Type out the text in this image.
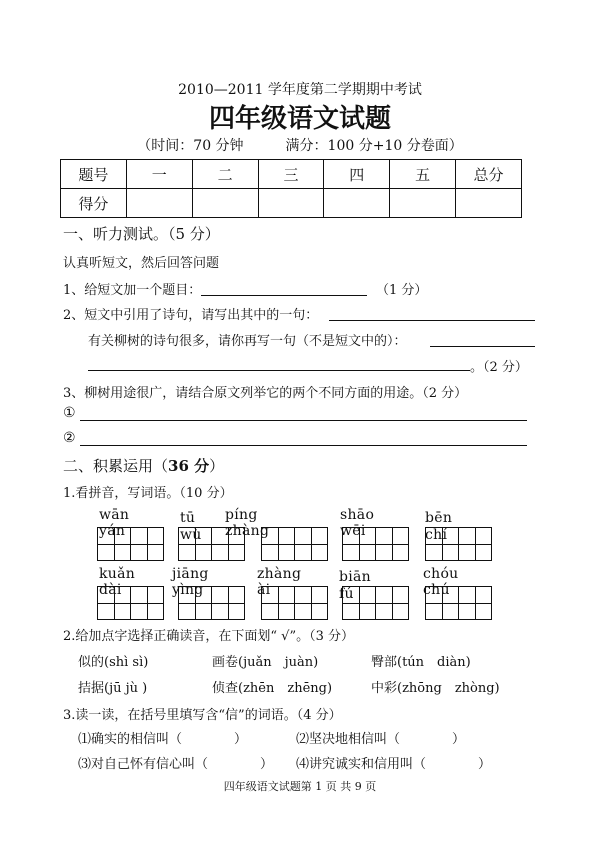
2010—2011 学年度第二学期期中考试
四年级语文试题
（时间：70 分钟　　　满分：100 分+10 分卷面）
题号	一	二	三	四	五	总分
得分						
一、听力测试。（5 分）
认真听短文，然后回答问题
1、给短文加一个题目：	（1 分）
2、短文中引用了诗句，请写出其中的一句：
有关柳树的诗句很多，请你再写一句（不是短文中的）：
。（2 分）
3、柳树用途很广，请结合原文列举它的两个不同方面的用途。（2 分）
①
②
二、积累运用（36 分）
1.看拼音，写词语。（10 分）
wān yán
tū　wù
píng zhàng
shāo wēi
bēn　chí
kuǎn dài
jiāng yìng
zhàng ài
biān　fú
chóu chú
2.给加点字选择正确读音，在下面划“ √”。（3 分）
似的(shì sì)	画卷(juǎn　juàn)	臀部(tún　diàn)
拮据(jū jù )	侦查(zhēn　zhēng)	中彩(zhōng　zhòng)
3.读一读，在括号里填写含“信”的词语。（4 分）
⑴确实的相信叫（　　　　）	⑵坚决地相信叫（　　　　）
⑶对自己怀有信心叫（　　　　） ⑷讲究诚实和信用叫（　　　　）
四年级语文试题第 1 页 共 9 页
